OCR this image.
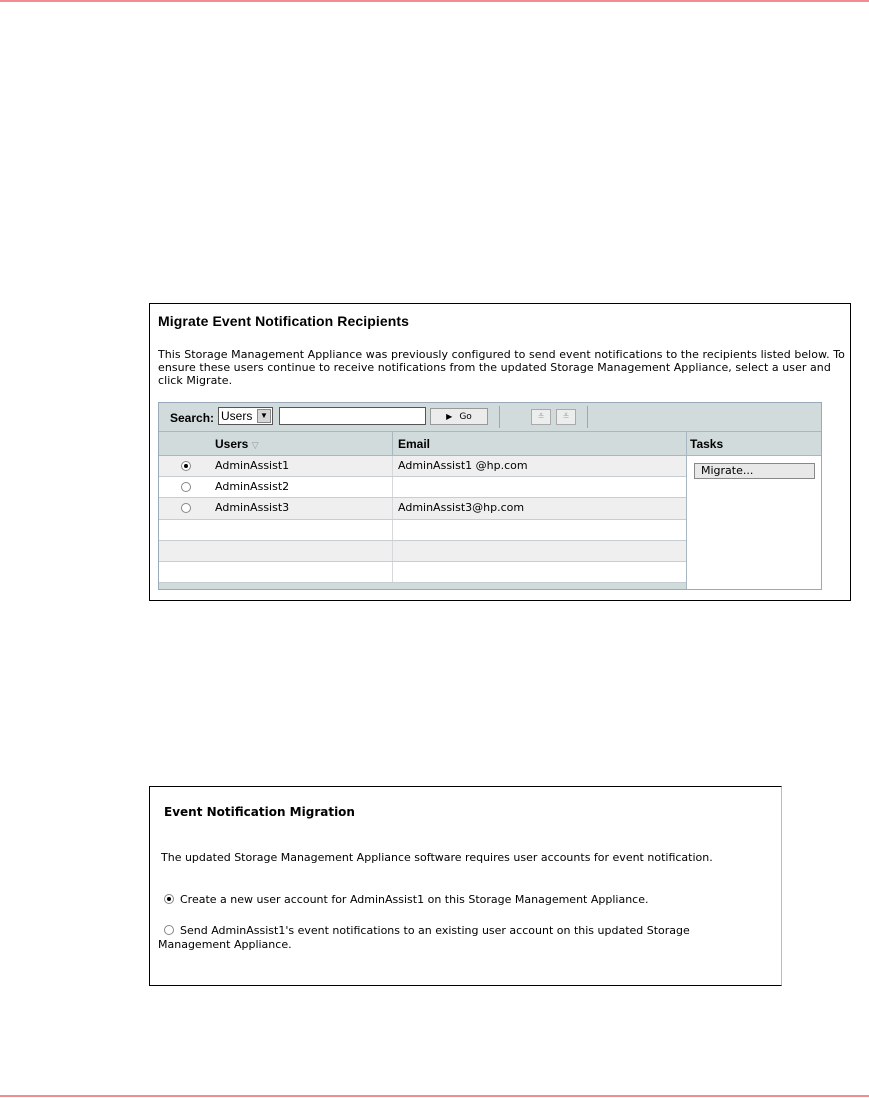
Migrate Event Notification Recipients
This Storage Management Appliance was previously configured to send event notifications to the recipients listed below. To ensure these users continue to receive notifications from the updated Storage Management Appliance, select a user and click Migrate.
Search: Users ▼	▶ Go	≛	≚
Users ▽	Email	Tasks
AdminAssist1	AdminAssist1 @hp.com
AdminAssist2
AdminAssist3	AdminAssist3@hp.com
Migrate...
Event Notification Migration
The updated Storage Management Appliance software requires user accounts for event notification.
Create a new user account for AdminAssist1 on this Storage Management Appliance.
Send AdminAssist1's event notifications to an existing user account on this updated Storage Management Appliance.
